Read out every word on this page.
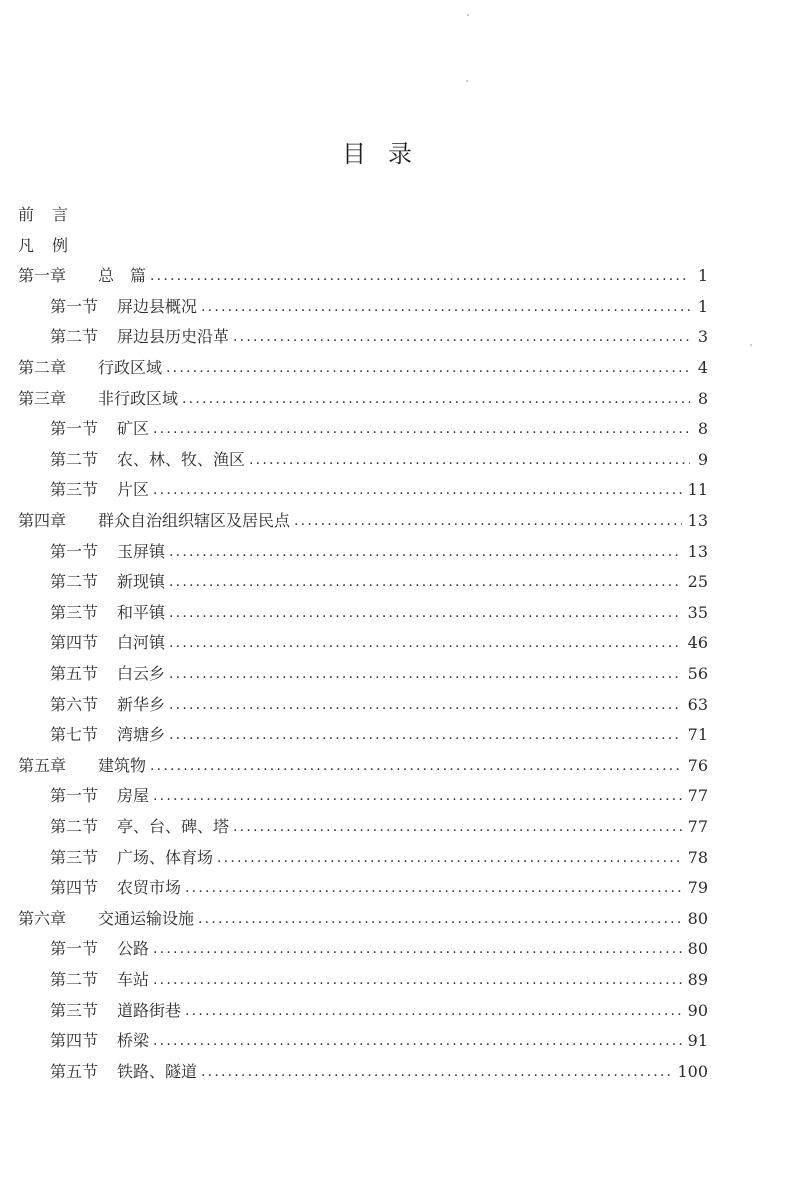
目 录
前	言
凡	例
第一章	总　篇 .....	1
第一节	屏边县概况 .....	1
第二节	屏边县历史沿革 .....	3
第二章	行政区域 .....	4
第三章	非行政区域 .....	8
第一节	矿区 .....	8
第二节	农、林、牧、渔区 .....	9
第三节	片区 .....	11
第四章	群众自治组织辖区及居民点 .....	13
第一节	玉屏镇 .....	13
第二节	新现镇 .....	25
第三节	和平镇 .....	35
第四节	白河镇 .....	46
第五节	白云乡 .....	56
第六节	新华乡 .....	63
第七节	湾塘乡 .....	71
第五章	建筑物 .....	76
第一节	房屋 .....	77
第二节	亭、台、碑、塔 .....	77
第三节	广场、体育场 .....	78
第四节	农贸市场 .....	79
第六章	交通运输设施 .....	80
第一节	公路 .....	80
第二节	车站 .....	89
第三节	道路街巷 .....	90
第四节	桥梁 .....	91
第五节	铁路、隧道 .....	100
